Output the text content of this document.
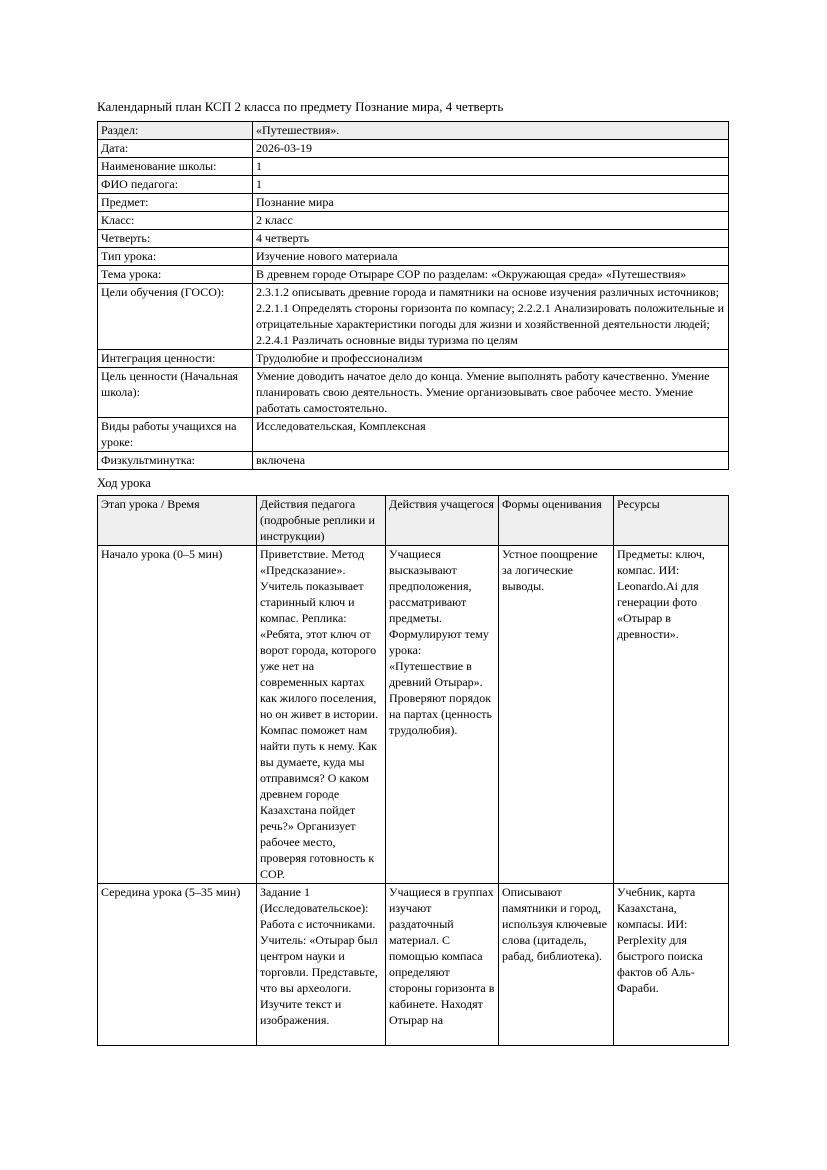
Календарный план КСП 2 класса по предмету Познание мира, 4 четверть

Раздел:	«Путешествия».
Дата:	2026-03-19
Наименование школы:	1
ФИО педагога:	1
Предмет:	Познание мира
Класс:	2 класс
Четверть:	4 четверть
Тип урока:	Изучение нового материала
Тема урока:	В древнем городе Отыраре СОР по разделам: «Окружающая среда» «Путешествия»
Цели обучения (ГОСО):	2.3.1.2 описывать древние города и памятники на основе изучения различных источников; 2.2.1.1 Определять стороны горизонта по компасу; 2.2.2.1 Анализировать положительные и отрицательные характеристики погоды для жизни и хозяйственной деятельности людей; 2.2.4.1 Различать основные виды туризма по целям
Интеграция ценности:	Трудолюбие и профессионализм
Цель ценности (Начальная школа):	Умение доводить начатое дело до конца. Умение выполнять работу качественно. Умение планировать свою деятельность. Умение организовывать свое рабочее место. Умение работать самостоятельно.
Виды работы учащихся на уроке:	Исследовательская, Комплексная
Физкультминутка:	включена

Ход урока

Этап урока / Время	Действия педагога (подробные реплики и инструкции)	Действия учащегося	Формы оценивания	Ресурсы

Начало урока (0–5 мин)	Приветствие. Метод «Предсказание». Учитель показывает старинный ключ и компас. Реплика: «Ребята, этот ключ от ворот города, которого уже нет на современных картах как жилого поселения, но он живет в истории. Компас поможет нам найти путь к нему. Как вы думаете, куда мы отправимся? О каком древнем городе Казахстана пойдет речь?» Организует рабочее место, проверяя готовность к СОР.	Учащиеся высказывают предположения, рассматривают предметы. Формулируют тему урока: «Путешествие в древний Отырар». Проверяют порядок на партах (ценность трудолюбия).	Устное поощрение за логические выводы.	Предметы: ключ, компас. ИИ: Leonardo.Ai для генерации фото «Отырар в древности».

Середина урока (5–35 мин)	Задание 1 (Исследовательское): Работа с источниками. Учитель: «Отырар был центром науки и торговли. Представьте, что вы археологи. Изучите текст и изображения.	Учащиеся в группах изучают раздаточный материал. С помощью компаса определяют стороны горизонта в кабинете. Находят Отырар на	Описывают памятники и город, используя ключевые слова (цитадель, рабад, библиотека).	Учебник, карта Казахстана, компасы. ИИ: Perplexity для быстрого поиска фактов об Аль-Фараби.
